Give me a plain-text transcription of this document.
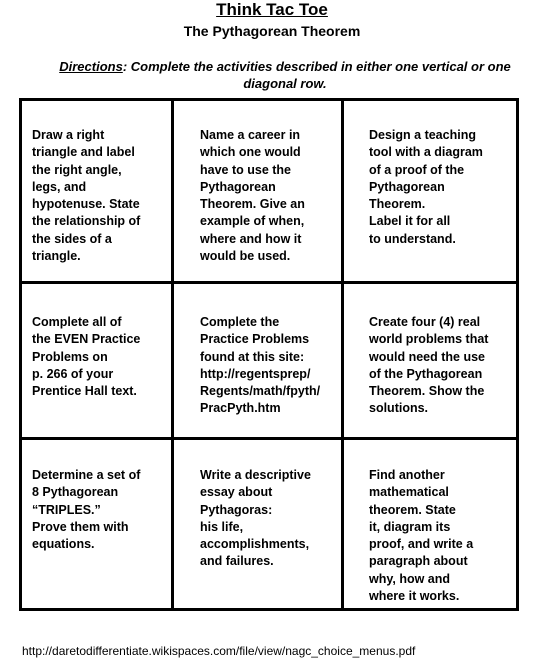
Think Tac Toe
The Pythagorean Theorem
Directions: Complete the activities described in either one vertical or one diagonal row.
Draw a right
triangle and label
the right angle,
legs, and
hypotenuse. State
the relationship of
the sides of a
triangle.
Name a career in
which one would
have to use the
Pythagorean
Theorem. Give an
example of when,
where and how it
would be used.
Design a teaching
tool with a diagram
of a proof of the
Pythagorean
Theorem.
Label it for all
to understand.
Complete all of
the EVEN Practice
Problems on
p. 266 of your
Prentice Hall text.
Complete the
Practice Problems
found at this site:
http://regentsprep/
Regents/math/fpyth/
PracPyth.htm
Create four (4) real
world problems that
would need the use
of the Pythagorean
Theorem. Show the
solutions.
Determine a set of
8 Pythagorean
“TRIPLES.”
Prove them with
equations.
Write a descriptive
essay about
Pythagoras:
his life,
accomplishments,
and failures.
Find another
mathematical
theorem. State
it, diagram its
proof, and write a
paragraph about
why, how and
where it works.
http://daretodifferentiate.wikispaces.com/file/view/nagc_choice_menus.pdf
